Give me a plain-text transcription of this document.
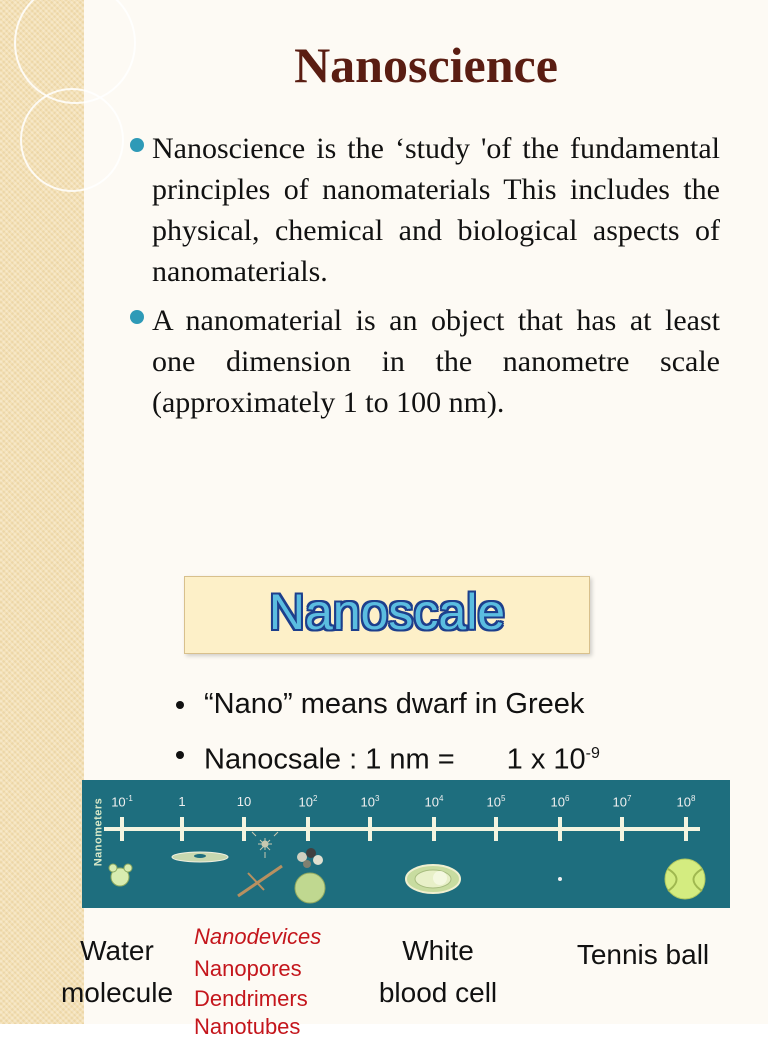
Nanoscience
Nanoscience is the ‘study 'of the fundamental principles of nanomaterials This includes the physical, chemical and biological aspects of nanomaterials.
A nanomaterial is an object that has at least one dimension in the nanometre scale (approximately 1 to 100 nm).
Nanoscale
“Nano” means dwarf in Greek
Nanocsale : 1 nm = 1 x $10^{-9}$
Nanometers $10^{-1}$	1	10	$10^2$	$10^3$	$10^4$	$10^5$	$10^6$	$10^7$	$10^8$
Water
molecule
Nanodevices
Nanopores
Dendrimers
Nanotubes
White
blood cell
Tennis ball
